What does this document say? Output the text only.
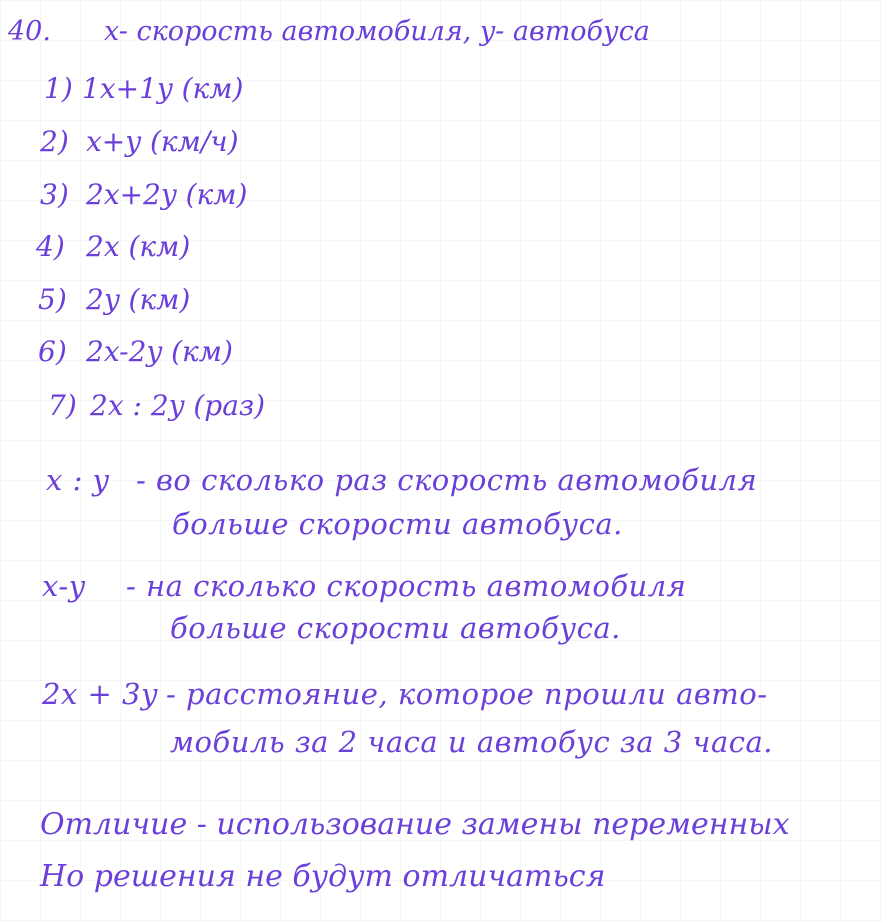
40. x- скорость автомобиля, y- автобуса
1) 1x+1y (км)
2) x+y (км/ч)
3) 2x+2y (км)
4) 2x (км)
5) 2y (км)
6) 2x-2y (км)
7) 2x : 2y (раз)
x : y - во сколько раз скорость автомобиля
больше скорости автобуса.
x-y - на сколько скорость автомобиля
больше скорости автобуса.
2x + 3y - расстояние, которое прошли авто-
мобиль за 2 часа и автобус за 3 часа.
Отличие - использование замены переменных
Но решения не будут отличаться
